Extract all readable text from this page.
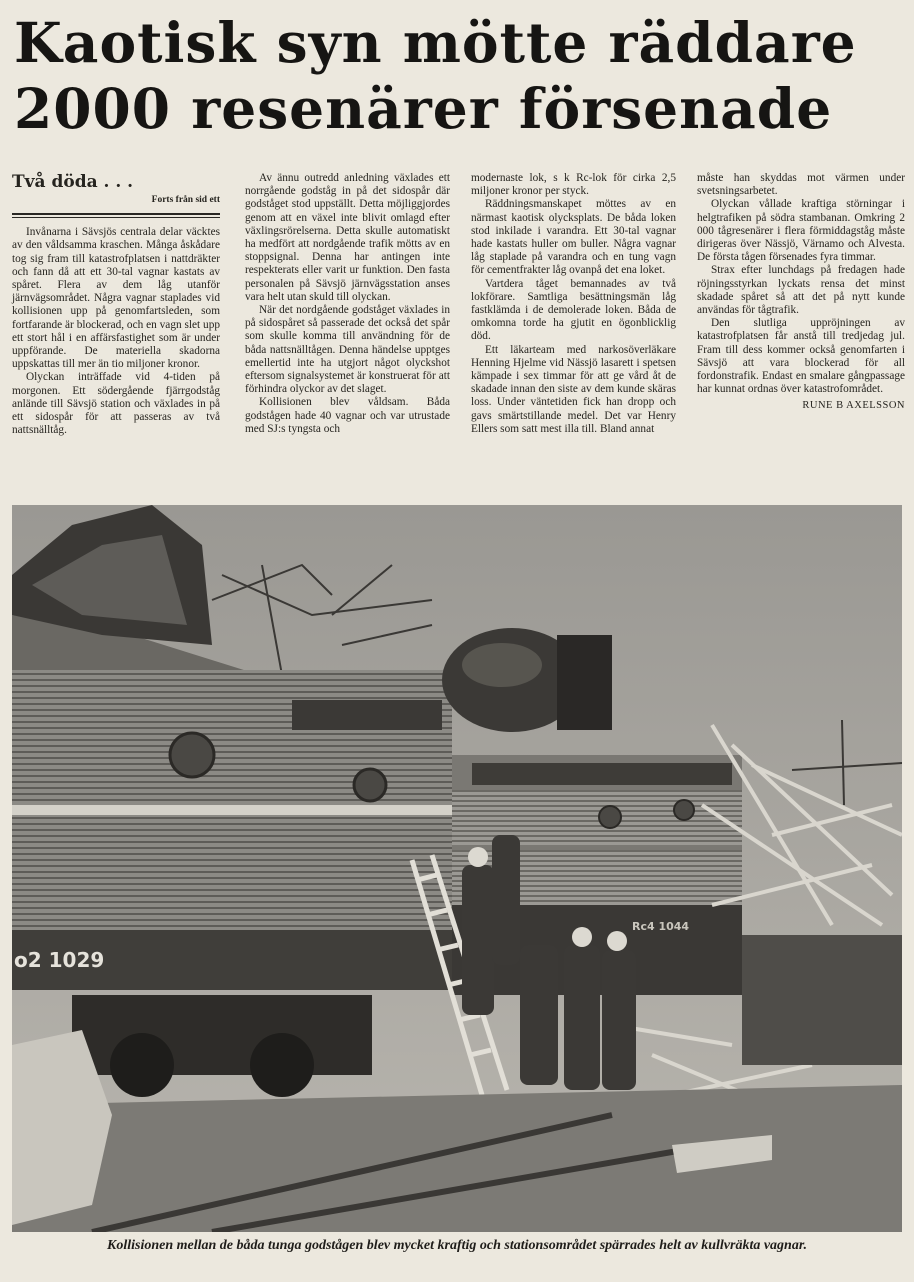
Kaotisk syn mötte räddare
2000 resenärer försenade
Två döda . . .
Forts från sid ett

Invånarna i Sävsjös centrala delar väcktes av den våldsamma kraschen. Många åskådare tog sig fram till katastrofplatsen i nattdräkter och fann då att ett 30-tal vagnar kastats av spåret. Flera av dem låg utanför järnvägsområdet. Några vagnar staplades vid kollisionen upp på genomfartsleden, som fortfarande är blockerad, och en vagn slet upp ett stort hål i en affärsfastighet som är under uppförande. De materiella skadorna uppskattas till mer än tio miljoner kronor.

Olyckan inträffade vid 4-tiden på morgonen. Ett södergående fjärrgodståg anlände till Sävsjö station och växlades in på ett sidospår för att passeras av två nattsnälltåg.

Av ännu outredd anledning växlades ett norrgående godståg in på det sidospår där godståget stod uppställt. Detta möjliggjordes genom att en växel inte blivit omlagd efter växlingsrörelserna. Detta skulle automatiskt ha medfört att nordgående trafik mötts av en stoppsignal. Denna har antingen inte respekterats eller varit ur funktion. Den fasta personalen på Sävsjö järnvägsstation anses vara helt utan skuld till olyckan.

När det nordgående godståget växlades in på sidospåret så passerade det också det spår som skulle komma till användning för de båda nattsnälltågen. Denna händelse upptges emellertid inte ha utgjort något olyckshot eftersom signalsystemet är konstruerat för att förhindra olyckor av det slaget.

Kollisionen blev våldsam. Båda godstågen hade 40 vagnar och var utrustade med SJ:s tyngsta och

modernaste lok, s k Rc-lok för cirka 2,5 miljoner kronor per styck.

Räddningsmanskapet möttes av en närmast kaotisk olycksplats. De båda loken stod inkilade i varandra. Ett 30-tal vagnar hade kastats huller om buller. Några vagnar låg staplade på varandra och en tung vagn för cementfrakter låg ovanpå det ena loket.

Vartdera tåget bemannades av två lokförare. Samtliga besättningsmän låg fastklämda i de demolerade loken. Båda de omkomna torde ha gjutit en ögonblicklig död.

Ett läkarteam med narkosöverläkare Henning Hjelme vid Nässjö lasarett i spetsen kämpade i sex timmar för att ge vård åt de skadade innan den siste av dem kunde skäras loss. Under väntetiden fick han dropp och gavs smärtstillande medel. Det var Henry Ellers som satt mest illa till. Bland annat

måste han skyddas mot värmen under svetsningsarbetet.

Olyckan vållade kraftiga störningar i helgtrafiken på södra stambanan. Omkring 2 000 tågresenärer i flera förmiddagståg måste dirigeras över Nässjö, Värnamo och Alvesta. De första tågen försenades fyra timmar.

Strax efter lunchdags på fredagen hade röjningsstyrkan lyckats rensa det minst skadade spåret så att det på nytt kunde användas för tågtrafik.

Den slutliga uppröjningen av katastrofplatsen får anstå till tredjedag jul. Fram till dess kommer också genomfarten i Sävsjö att vara blockerad för all fordonstrafik. Endast en smalare gångpassage har kunnat ordnas över katastrofområdet.

RUNE B AXELSSON
o2 1029
Rc4 1044
Kollisionen mellan de båda tunga godstågen blev mycket kraftig och stationsområdet spärrades helt av kullvräkta vagnar.
